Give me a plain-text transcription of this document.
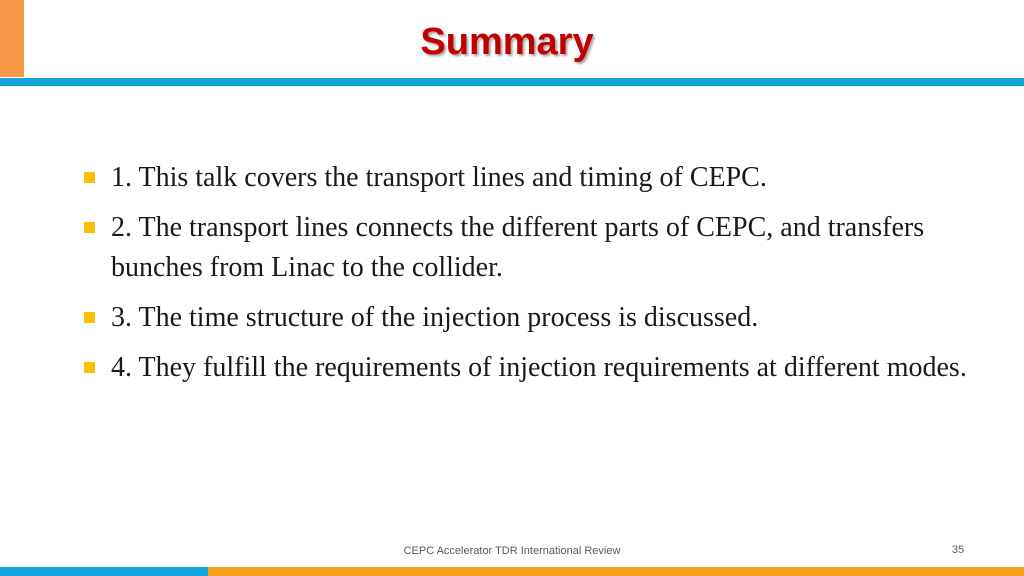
Summary
1. This talk covers the transport lines and timing of CEPC.
2. The transport lines connects the different parts of CEPC, and transfers bunches from Linac to the collider.
3. The time structure of the injection process is discussed.
4. They fulfill the requirements of injection requirements at different modes.
CEPC Accelerator TDR International Review	35
